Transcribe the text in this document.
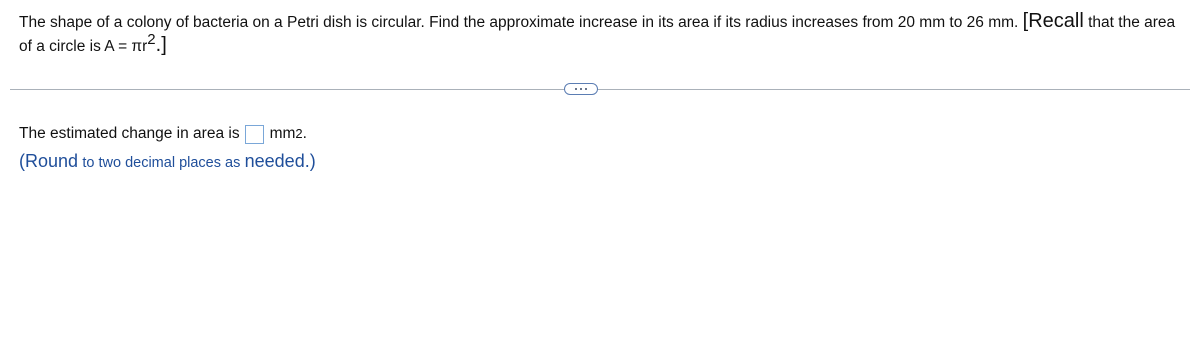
The shape of a colony of bacteria on a Petri dish is circular. Find the approximate increase in its area if its radius increases from 20 mm to 26 mm. [Recall that the area of a circle is $A = \pi r^2$.]
The estimated change in area is mm 2 .
(Round to two decimal places as needed.)
